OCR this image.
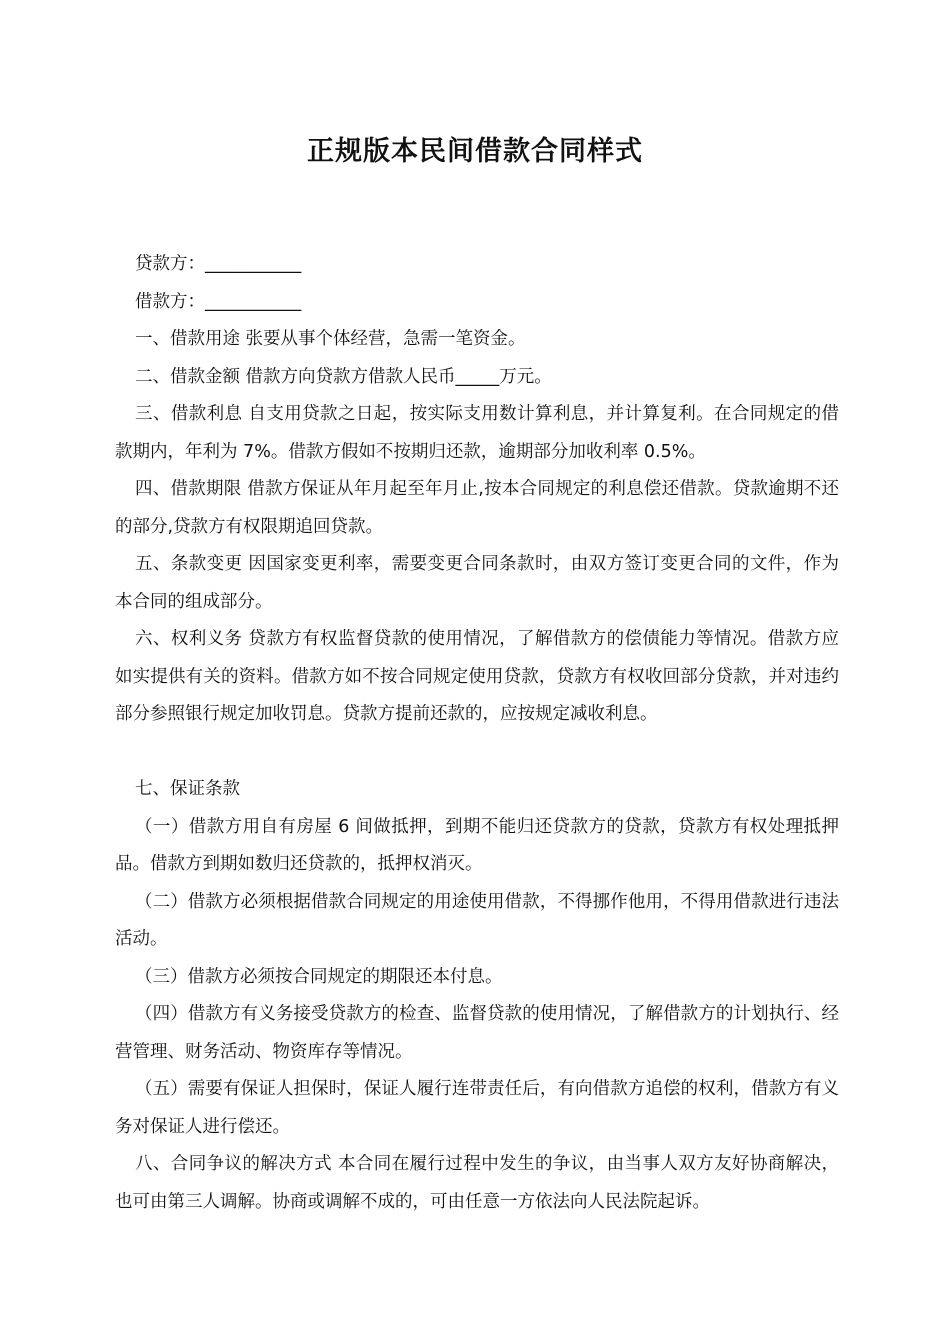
正规版本民间借款合同样式

贷款方：___________

借款方：___________

一、借款用途 张要从事个体经营，急需一笔资金。

二、借款金额 借款方向贷款方借款人民币_____万元。

三、借款利息 自支用贷款之日起，按实际支用数计算利息，并计算复利。在合同规定的借款期内，年利为 7%。借款方假如不按期归还款，逾期部分加收利率 0.5%。

四、借款期限 借款方保证从年月起至年月止,按本合同规定的利息偿还借款。贷款逾期不还的部分,贷款方有权限期追回贷款。

五、条款变更 因国家变更利率，需要变更合同条款时，由双方签订变更合同的文件，作为本合同的组成部分。

六、权利义务 贷款方有权监督贷款的使用情况，了解借款方的偿债能力等情况。借款方应如实提供有关的资料。借款方如不按合同规定使用贷款，贷款方有权收回部分贷款，并对违约部分参照银行规定加收罚息。贷款方提前还款的，应按规定减收利息。

七、保证条款

（一）借款方用自有房屋 6 间做抵押，到期不能归还贷款方的贷款，贷款方有权处理抵押品。借款方到期如数归还贷款的，抵押权消灭。

（二）借款方必须根据借款合同规定的用途使用借款，不得挪作他用，不得用借款进行违法活动。

（三）借款方必须按合同规定的期限还本付息。

（四）借款方有义务接受贷款方的检查、监督贷款的使用情况，了解借款方的计划执行、经营管理、财务活动、物资库存等情况。

（五）需要有保证人担保时，保证人履行连带责任后，有向借款方追偿的权利，借款方有义务对保证人进行偿还。

八、合同争议的解决方式 本合同在履行过程中发生的争议，由当事人双方友好协商解决，也可由第三人调解。协商或调解不成的，可由任意一方依法向人民法院起诉。
